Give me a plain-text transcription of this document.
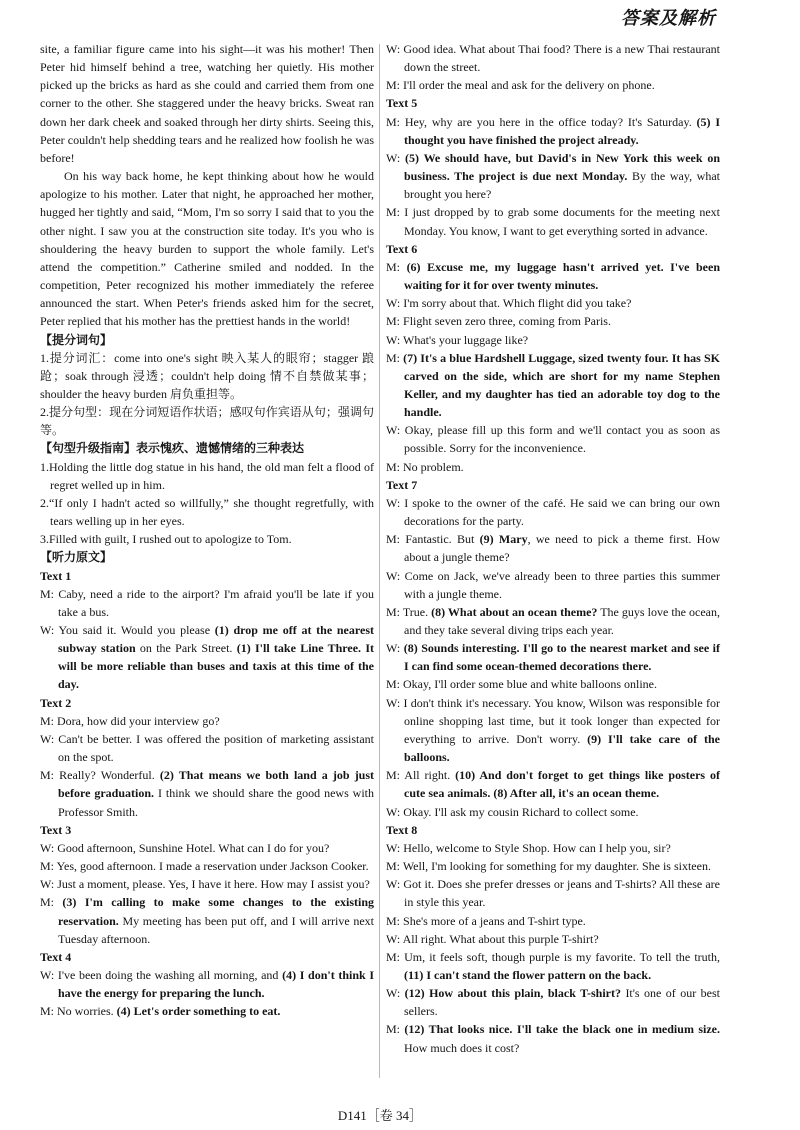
答案及解析

site, a familiar figure came into his sight—it was his mother! Then Peter hid himself behind a tree, watching her quietly. His mother picked up the bricks as hard as she could and carried them from one corner to the other. She staggered under the heavy bricks. Sweat ran down her dark cheek and soaked through her dirty shirts. Seeing this, Peter couldn't help shedding tears and he realized how foolish he was before!

On his way back home, he kept thinking about how he would apologize to his mother. Later that night, he approached her mother, hugged her tightly and said, “Mom, I'm so sorry I said that to you the other night. I saw you at the construction site today. It's you who is shouldering the heavy burden to support the whole family. Let's attend the competition.” Catherine smiled and nodded. In the competition, Peter recognized his mother immediately the referee announced the start. When Peter's friends asked him for the secret, Peter replied that his mother has the prettiest hands in the world!

【提分词句】

1.提分词汇：come into one's sight 映入某人的眼帘；stagger 踉跄；soak through 浸透；couldn't help doing 情不自禁做某事；shoulder the heavy burden 肩负重担等。

2.提分句型：现在分词短语作状语；感叹句作宾语从句；强调句等。

【句型升级指南】表示愧疚、遗憾情绪的三种表达

1.Holding the little dog statue in his hand, the old man felt a flood of regret welled up in him.

2.“If only I hadn't acted so willfully,” she thought regretfully, with tears welling up in her eyes.

3.Filled with guilt, I rushed out to apologize to Tom.

【听力原文】

Text 1

M: Caby, need a ride to the airport? I'm afraid you'll be late if you take a bus.

W: You said it. Would you please (1) drop me off at the nearest subway station on the Park Street. (1) I'll take Line Three. It will be more reliable than buses and taxis at this time of the day.

Text 2

M: Dora, how did your interview go?

W: Can't be better. I was offered the position of marketing assistant on the spot.

M: Really? Wonderful. (2) That means we both land a job just before graduation. I think we should share the good news with Professor Smith.

Text 3

W: Good afternoon, Sunshine Hotel. What can I do for you?

M: Yes, good afternoon. I made a reservation under Jackson Cooker.

W: Just a moment, please. Yes, I have it here. How may I assist you?

M: (3) I'm calling to make some changes to the existing reservation. My meeting has been put off, and I will arrive next Tuesday afternoon.

Text 4

W: I've been doing the washing all morning, and (4) I don't think I have the energy for preparing the lunch.

M: No worries. (4) Let's order something to eat.

W: Good idea. What about Thai food? There is a new Thai restaurant down the street.

M: I'll order the meal and ask for the delivery on phone.

Text 5

M: Hey, why are you here in the office today? It's Saturday. (5) I thought you have finished the project already.

W: (5) We should have, but David's in New York this week on business. The project is due next Monday. By the way, what brought you here?

M: I just dropped by to grab some documents for the meeting next Monday. You know, I want to get everything sorted in advance.

Text 6

M: (6) Excuse me, my luggage hasn't arrived yet. I've been waiting for it for over twenty minutes.

W: I'm sorry about that. Which flight did you take?

M: Flight seven zero three, coming from Paris.

W: What's your luggage like?

M: (7) It's a blue Hardshell Luggage, sized twenty four. It has SK carved on the side, which are short for my name Stephen Keller, and my daughter has tied an adorable toy dog to the handle.

W: Okay, please fill up this form and we'll contact you as soon as possible. Sorry for the inconvenience.

M: No problem.

Text 7

W: I spoke to the owner of the café. He said we can bring our own decorations for the party.

M: Fantastic. But (9) Mary, we need to pick a theme first. How about a jungle theme?

W: Come on Jack, we've already been to three parties this summer with a jungle theme.

M: True. (8) What about an ocean theme? The guys love the ocean, and they take several diving trips each year.

W: (8) Sounds interesting. I'll go to the nearest market and see if I can find some ocean-themed decorations there.

M: Okay, I'll order some blue and white balloons online.

W: I don't think it's necessary. You know, Wilson was responsible for online shopping last time, but it took longer than expected for everything to arrive. Don't worry. (9) I'll take care of the balloons.

M: All right. (10) And don't forget to get things like posters of cute sea animals. (8) After all, it's an ocean theme.

W: Okay. I'll ask my cousin Richard to collect some.

Text 8

W: Hello, welcome to Style Shop. How can I help you, sir?

M: Well, I'm looking for something for my daughter. She is sixteen.

W: Got it. Does she prefer dresses or jeans and T-shirts? All these are in style this year.

M: She's more of a jeans and T-shirt type.

W: All right. What about this purple T-shirt?

M: Um, it feels soft, though purple is my favorite. To tell the truth, (11) I can't stand the flower pattern on the back.

W: (12) How about this plain, black T-shirt? It's one of our best sellers.

M: (12) That looks nice. I'll take the black one in medium size. How much does it cost?

D141［卷 34］
